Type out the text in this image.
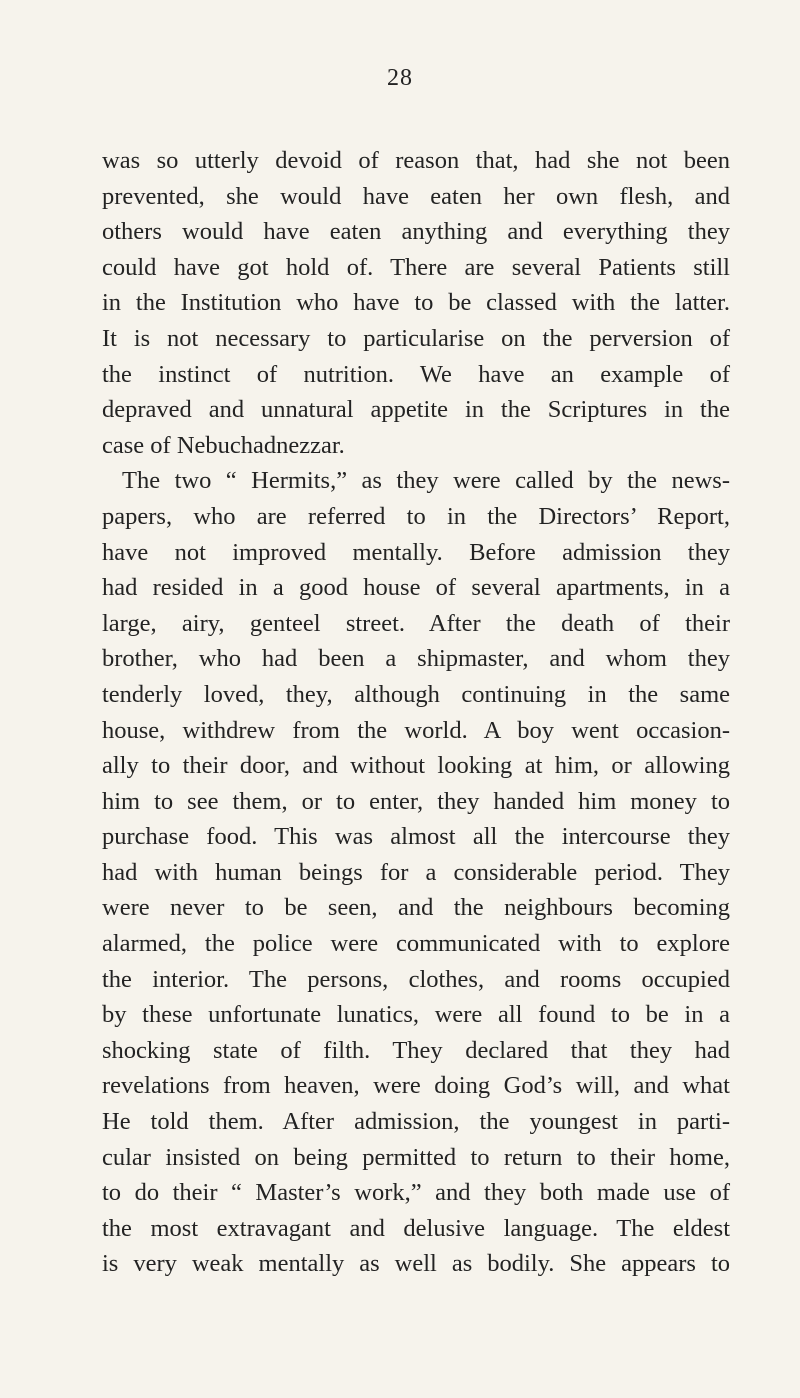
28
was so utterly devoid of reason that, had she not been
prevented, she would have eaten her own flesh, and
others would have eaten anything and everything they
could have got hold of. There are several Patients still
in the Institution who have to be classed with the latter.
It is not necessary to particularise on the perversion of
the instinct of nutrition. We have an example of
depraved and unnatural appetite in the Scriptures in the
case of Nebuchadnezzar.
The two “ Hermits,” as they were called by the news-
papers, who are referred to in the Directors’ Report,
have not improved mentally. Before admission they
had resided in a good house of several apartments, in a
large, airy, genteel street. After the death of their
brother, who had been a shipmaster, and whom they
tenderly loved, they, although continuing in the same
house, withdrew from the world. A boy went occasion-
ally to their door, and without looking at him, or allowing
him to see them, or to enter, they handed him money to
purchase food. This was almost all the intercourse they
had with human beings for a considerable period. They
were never to be seen, and the neighbours becoming
alarmed, the police were communicated with to explore
the interior. The persons, clothes, and rooms occupied
by these unfortunate lunatics, were all found to be in a
shocking state of filth. They declared that they had
revelations from heaven, were doing God’s will, and what
He told them. After admission, the youngest in parti-
cular insisted on being permitted to return to their home,
to do their “ Master’s work,” and they both made use of
the most extravagant and delusive language. The eldest
is very weak mentally as well as bodily. She appears to
